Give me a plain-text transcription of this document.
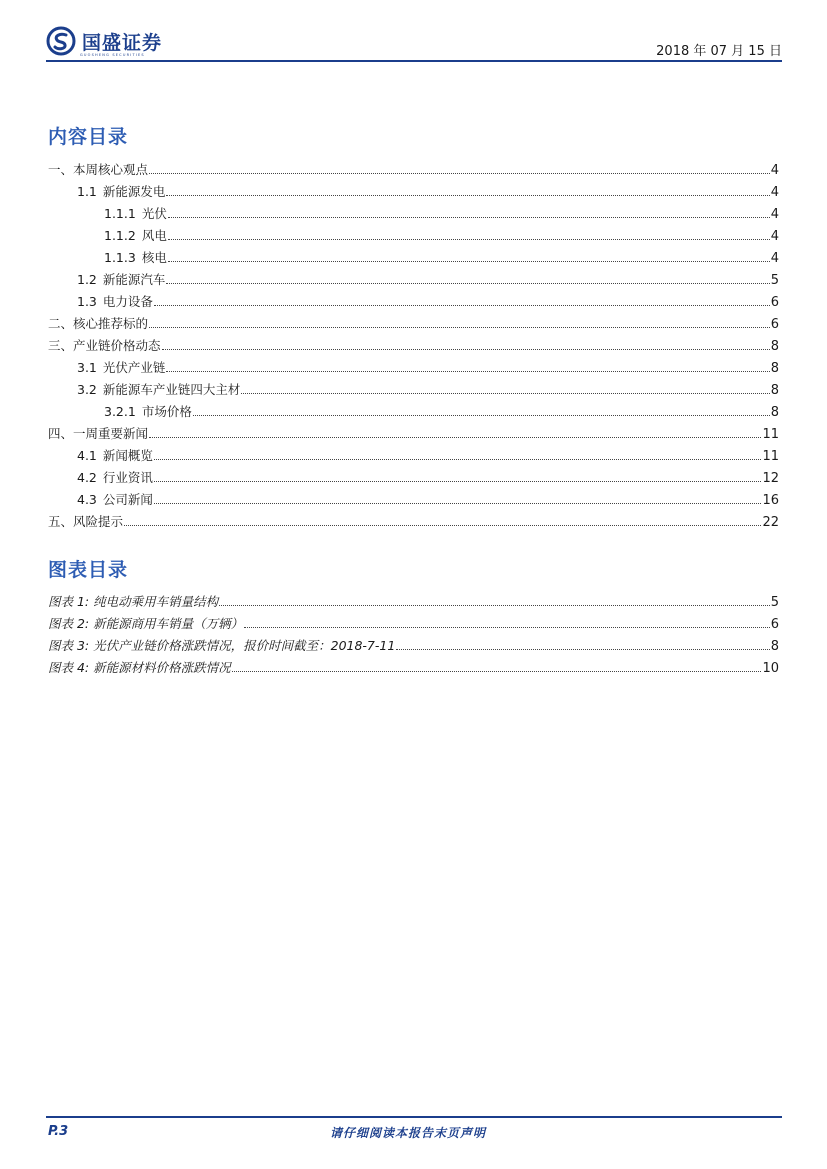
国盛证券
GUOSHENG SECURITIES	2018 年 07 月 15 日
内容目录
一、本周核心观点	4
1.1 新能源发电	4
1.1.1 光伏	4
1.1.2 风电	4
1.1.3 核电	4
1.2 新能源汽车	5
1.3 电力设备	6
二、核心推荐标的	6
三、产业链价格动态	8
3.1 光伏产业链	8
3.2 新能源车产业链四大主材	8
3.2.1 市场价格	8
四、一周重要新闻	11
4.1 新闻概览	11
4.2 行业资讯	12
4.3 公司新闻	16
五、风险提示	22
图表目录
图表 1: 纯电动乘用车销量结构	5
图表 2: 新能源商用车销量（万辆）	6
图表 3: 光伏产业链价格涨跌情况，报价时间截至：2018-7-11	8
图表 4: 新能源材料价格涨跌情况	10
P.3	请仔细阅读本报告末页声明
